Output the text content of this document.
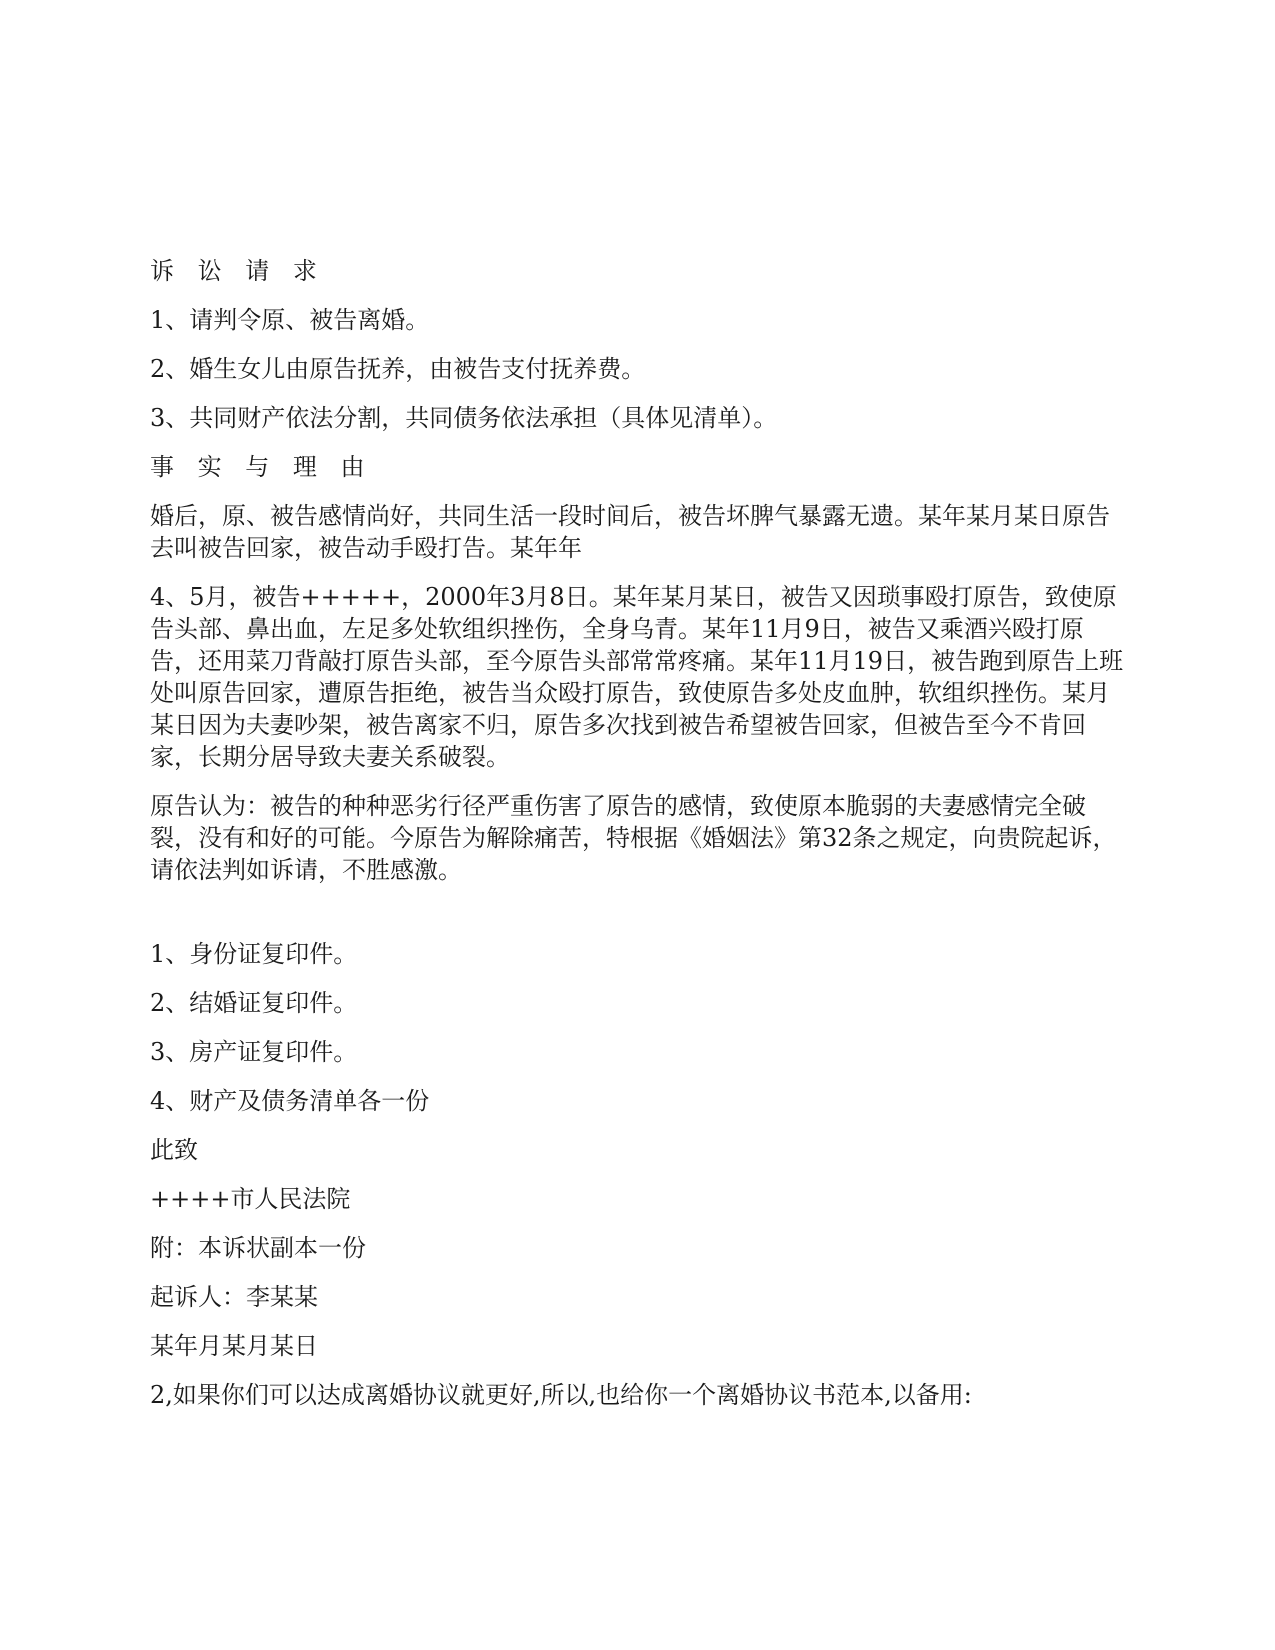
诉 讼 请 求

1、请判令原、被告离婚。

2、婚生女儿由原告抚养，由被告支付抚养费。

3、共同财产依法分割，共同债务依法承担（具体见清单）。

事 实 与 理 由

婚后，原、被告感情尚好，共同生活一段时间后，被告坏脾气暴露无遗。某年某月某日原告去叫被告回家，被告动手殴打告。某年年

4、5月，被告+++++，2000年3月8日。某年某月某日，被告又因琐事殴打原告，致使原告头部、鼻出血，左足多处软组织挫伤，全身乌青。某年11月9日，被告又乘酒兴殴打原告，还用菜刀背敲打原告头部，至今原告头部常常疼痛。某年11月19日，被告跑到原告上班处叫原告回家，遭原告拒绝，被告当众殴打原告，致使原告多处皮血肿，软组织挫伤。某月某日因为夫妻吵架，被告离家不归，原告多次找到被告希望被告回家，但被告至今不肯回家，长期分居导致夫妻关系破裂。

原告认为：被告的种种恶劣行径严重伤害了原告的感情，致使原本脆弱的夫妻感情完全破裂，没有和好的可能。今原告为解除痛苦，特根据《婚姻法》第32条之规定，向贵院起诉，请依法判如诉请，不胜感激。

1、身份证复印件。

2、结婚证复印件。

3、房产证复印件。

4、财产及债务清单各一份

此致

++++市人民法院

附：本诉状副本一份

起诉人：李某某

某年月某月某日

2,如果你们可以达成离婚协议就更好,所以,也给你一个离婚协议书范本,以备用:
